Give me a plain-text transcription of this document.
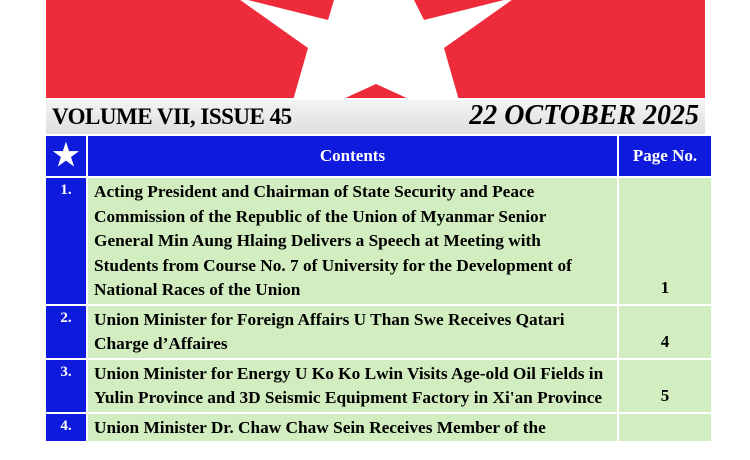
VOLUME VII, ISSUE 45	22 OCTOBER 2025
★	Contents	Page No.
1.	Acting President and Chairman of State Security and Peace Commission of the Republic of the Union of Myanmar Senior General Min Aung Hlaing Delivers a Speech at Meeting with Students from Course No. 7 of University for the Development of National Races of the Union	1
2.	Union Minister for Foreign Affairs U Than Swe Receives Qatari Charge d’Affaires	4
3.	Union Minister for Energy U Ko Ko Lwin Visits Age-old Oil Fields in Yulin Province and 3D Seismic Equipment Factory in Xi'an Province	5
4.	Union Minister Dr. Chaw Chaw Sein Receives Member of the	
